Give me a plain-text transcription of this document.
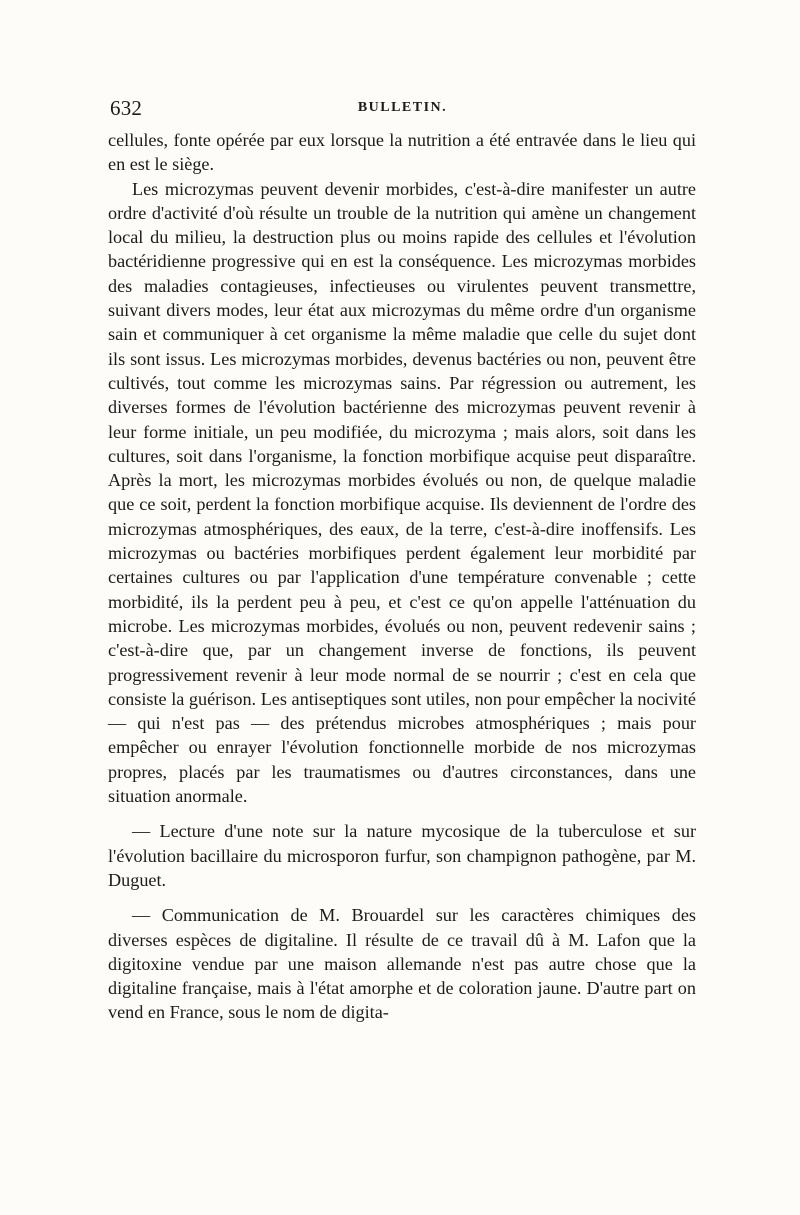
632	BULLETIN.

cellules, fonte opérée par eux lorsque la nutrition a été entravée dans le lieu qui en est le siège.

Les microzymas peuvent devenir morbides, c'est-à-dire manifester un autre ordre d'activité d'où résulte un trouble de la nutrition qui amène un changement local du milieu, la destruction plus ou moins rapide des cellules et l'évolution bactéridienne progressive qui en est la conséquence. Les microzymas morbides des maladies contagieuses, infectieuses ou virulentes peuvent transmettre, suivant divers modes, leur état aux microzymas du même ordre d'un organisme sain et communiquer à cet organisme la même maladie que celle du sujet dont ils sont issus. Les microzymas morbides, devenus bactéries ou non, peuvent être cultivés, tout comme les microzymas sains. Par régression ou autrement, les diverses formes de l'évolution bactérienne des microzymas peuvent revenir à leur forme initiale, un peu modifiée, du microzyma ; mais alors, soit dans les cultures, soit dans l'organisme, la fonction morbifique acquise peut disparaître. Après la mort, les microzymas morbides évolués ou non, de quelque maladie que ce soit, perdent la fonction morbifique acquise. Ils deviennent de l'ordre des microzymas atmosphériques, des eaux, de la terre, c'est-à-dire inoffensifs. Les microzymas ou bactéries morbifiques perdent également leur morbidité par certaines cultures ou par l'application d'une température convenable ; cette morbidité, ils la perdent peu à peu, et c'est ce qu'on appelle l'atténuation du microbe. Les microzymas morbides, évolués ou non, peuvent redevenir sains ; c'est-à-dire que, par un changement inverse de fonctions, ils peuvent progressivement revenir à leur mode normal de se nourrir ; c'est en cela que consiste la guérison. Les antiseptiques sont utiles, non pour empêcher la nocivité — qui n'est pas — des prétendus microbes atmosphériques ; mais pour empêcher ou enrayer l'évolution fonctionnelle morbide de nos microzymas propres, placés par les traumatismes ou d'autres circonstances, dans une situation anormale.

— Lecture d'une note sur la nature mycosique de la tuberculose et sur l'évolution bacillaire du microsporon furfur, son champignon pathogène, par M. Duguet.

— Communication de M. Brouardel sur les caractères chimiques des diverses espèces de digitaline. Il résulte de ce travail dû à M. Lafon que la digitoxine vendue par une maison allemande n'est pas autre chose que la digitaline française, mais à l'état amorphe et de coloration jaune. D'autre part on vend en France, sous le nom de digita-
